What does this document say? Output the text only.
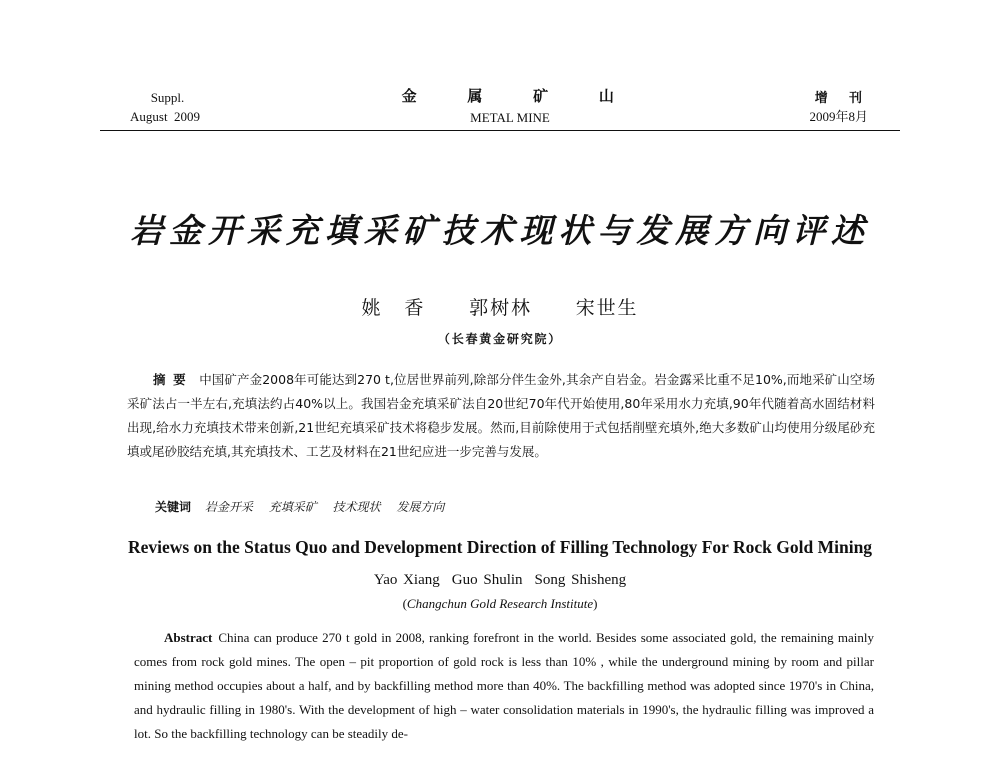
Suppl.
August  2009
金 属 矿 山
METAL MINE
增 刊
2009年8月
岩金开采充填采矿技术现状与发展方向评述
姚 香  郭树林  宋世生
（长春黄金研究院）
摘要 中国矿产金2008年可能达到270 t,位居世界前列,除部分伴生金外,其余产自岩金。岩金露采比重不足10%,而地采矿山空场采矿法占一半左右,充填法约占40%以上。我国岩金充填采矿法自20世纪70年代开始使用,80年采用水力充填,90年代随着高水固结材料出现,给水力充填技术带来创新,21世纪充填采矿技术将稳步发展。然而,目前除使用于式包括削壁充填外,绝大多数矿山均使用分级尾砂充填或尾砂胶结充填,其充填技术、工艺及材料在21世纪应进一步完善与发展。
关键词 岩金开采 充填采矿 技术现状 发展方向
Reviews on the Status Quo and Development Direction of Filling Technology For Rock Gold Mining
Yao Xiang Guo Shulin Song Shisheng
(Changchun Gold Research Institute)
Abstract China can produce 270 t gold in 2008, ranking forefront in the world. Besides some associated gold, the remaining mainly comes from rock gold mines. The open – pit proportion of gold rock is less than 10% , while the underground mining by room and pillar mining method occupies about a half, and by backfilling method more than 40%. The backfilling method was adopted since 1970's in China, and hydraulic filling in 1980's. With the development of high – water consolidation materials in 1990's, the hydraulic filling was improved a lot. So the backfilling technology can be steadily de-
